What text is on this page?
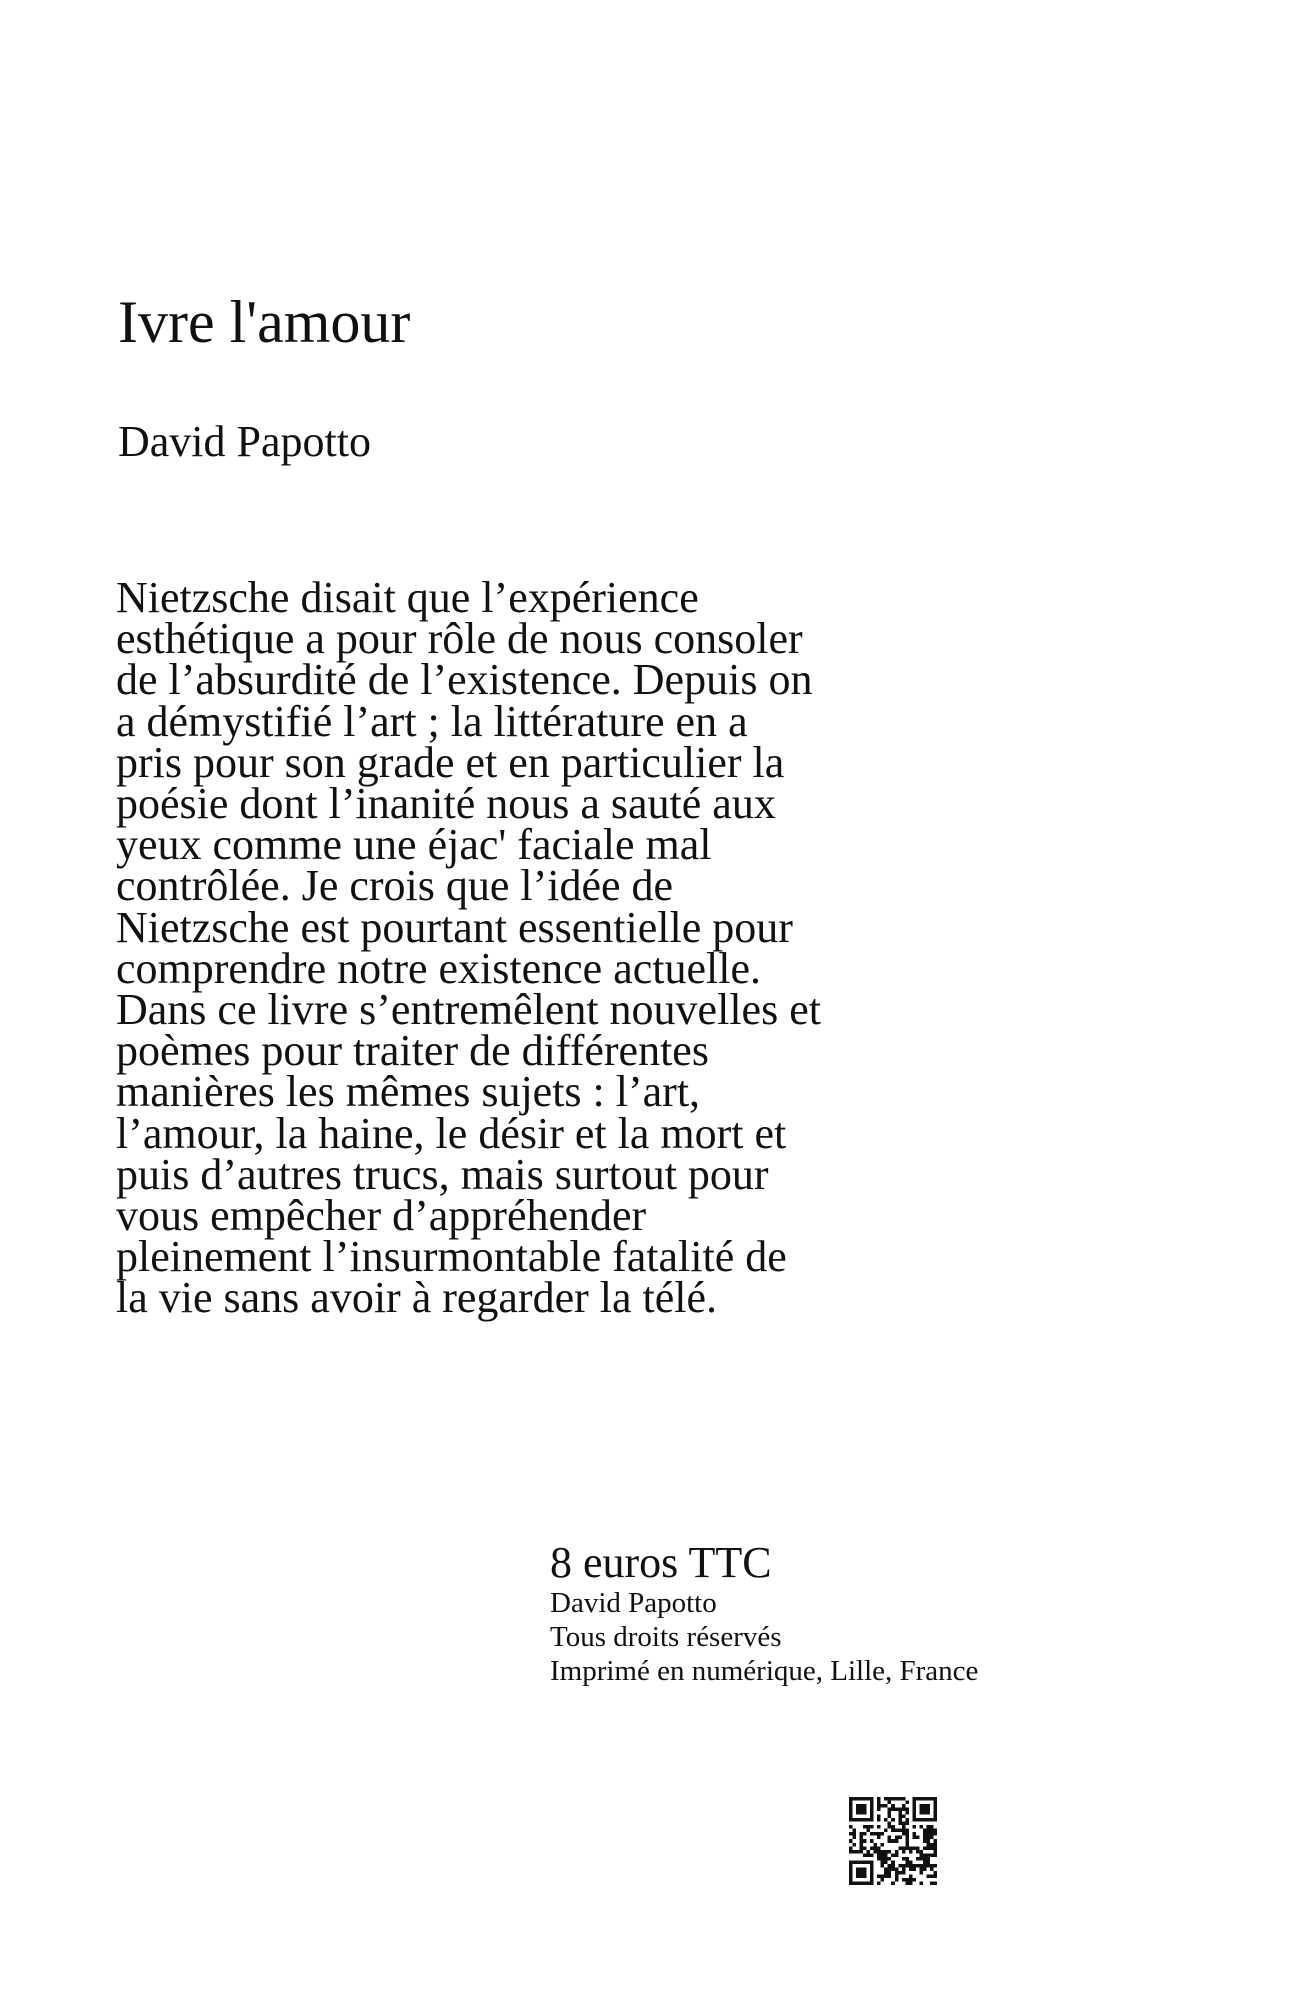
Ivre l'amour
David Papotto
Nietzsche disait que l’expérience
esthétique a pour rôle de nous consoler
de l’absurdité de l’existence. Depuis on
a démystifié l’art ; la littérature en a
pris pour son grade et en particulier la
poésie dont l’inanité nous a sauté aux
yeux comme une éjac' faciale mal
contrôlée. Je crois que l’idée de
Nietzsche est pourtant essentielle pour
comprendre notre existence actuelle.
Dans ce livre s’entremêlent nouvelles et
poèmes pour traiter de différentes
manières les mêmes sujets : l’art,
l’amour, la haine, le désir et la mort et
puis d’autres trucs, mais surtout pour
vous empêcher d’appréhender
pleinement l’insurmontable fatalité de
la vie sans avoir à regarder la télé.
8 euros TTC
David Papotto
Tous droits réservés
Imprimé en numérique, Lille, France
